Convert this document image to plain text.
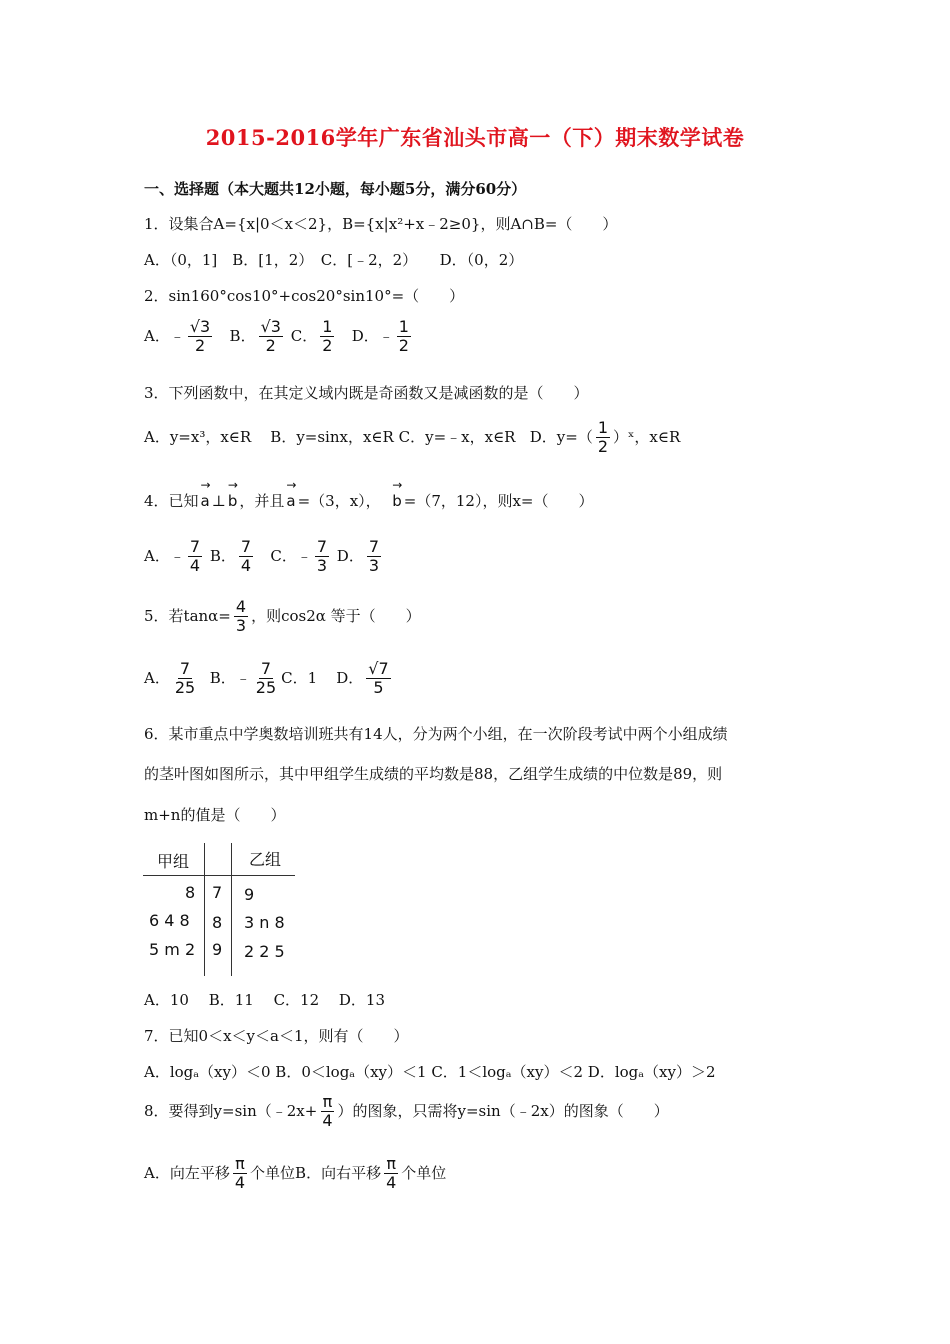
2015-2016学年广东省汕头市高一（下）期末数学试卷
一、选择题（本大题共12小题，每小题5分，满分60分）
1．设集合A={x|0＜x＜2}，B={x|x²+x﹣2≥0}，则A∩B=（　　）
A．（0，1]　B．[1，2）　C．[﹣2，2）　　D．（0，2）
2．sin160°cos10°+cos20°sin10°=（　　）
A．﹣ $\frac{√3}{2}$ B． $\frac{√3}{2}$ C． $\frac{1}{2}$ D．﹣ $\frac{1}{2}$
3．下列函数中，在其定义域内既是奇函数又是减函数的是（　　）
A．y=x³，x∈R B．y=sinx，x∈R C．y=﹣x，x∈R D．$y=( \frac{1}{2}$ ）ˣ，x∈R
4．已知 → a ⊥ → b ，并且 → a =（3，x）， → b =（7，12），则x=（　　）
A．﹣ $\frac{7}{4}$ B． $\frac{7}{4}$ C．﹣ $\frac{7}{3}$ D． $\frac{7}{3}$
5．若$\tan\alpha= \frac{4}{3}$ ，则cos2α 等于（　　）
A． $\frac{7}{25}$ B．﹣ $\frac{7}{25}$ C．1 D． $\frac{√7}{5}$
6．某市重点中学奥数培训班共有14人，分为两个小组，在一次阶段考试中两个小组成绩
的茎叶图如图所示，其中甲组学生成绩的平均数是88，乙组学生成绩的中位数是89，则
m+n的值是（　　）
甲组	乙组
8 7 9
6 4 8 8 3 n 8
5 m 2 9 2 2 5
A．10　 B．11　 C．12　 D．13
7．已知0＜x＜y＜a＜1，则有（　　）
A．logₐ（xy）＜0 B．0＜logₐ（xy）＜1 C．1＜logₐ（xy）＜2 D．logₐ（xy）＞2
8．要得到y=sin（﹣2x+ $\frac{\pi}{4}$ ）的图象，只需将y=sin（﹣2x）的图象（　　）
A．向左平移 $\frac{\pi}{4}$ 个单位B．向右平移 $\frac{\pi}{4}$ 个单位
